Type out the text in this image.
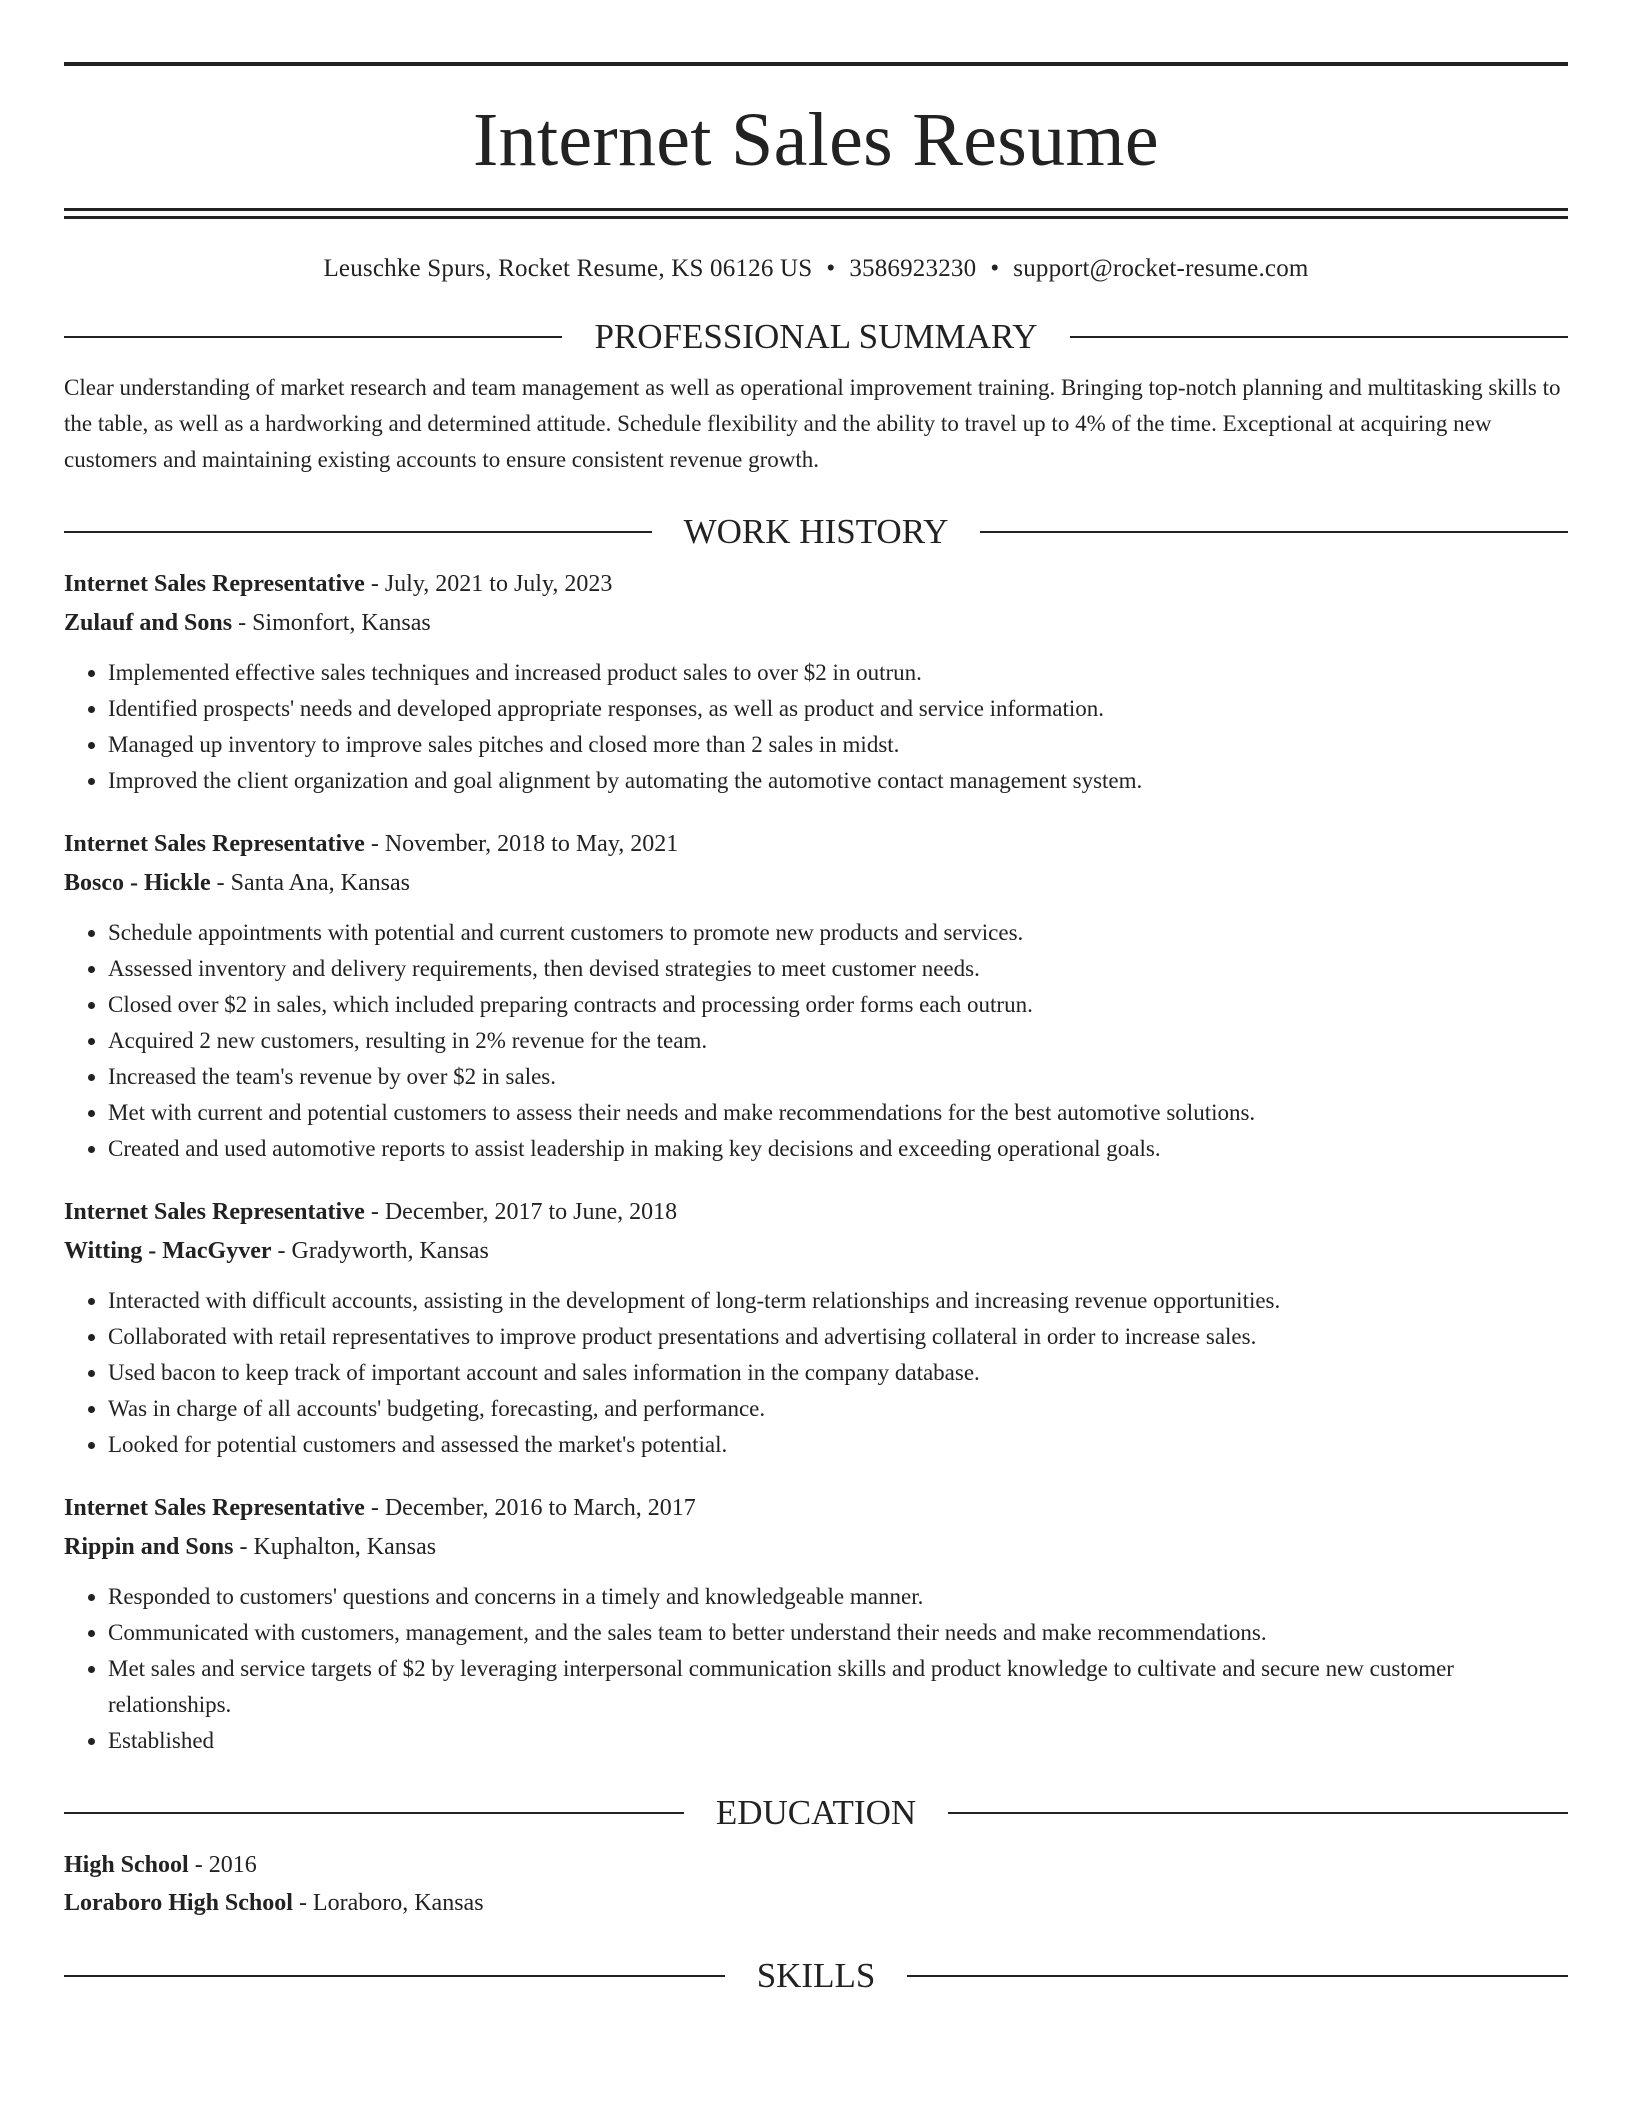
Internet Sales Resume
Leuschke Spurs, Rocket Resume, KS 06126 US • 3586923230 • support@rocket-resume.com
PROFESSIONAL SUMMARY

Clear understanding of market research and team management as well as operational improvement training. Bringing top-notch planning and multitasking skills to the table, as well as a hardworking and determined attitude. Schedule flexibility and the ability to travel up to 4% of the time. Exceptional at acquiring new customers and maintaining existing accounts to ensure consistent revenue growth.

WORK HISTORY
Internet Sales Representative - July, 2021 to July, 2023
Zulauf and Sons - Simonfort, Kansas
• Implemented effective sales techniques and increased product sales to over $2 in outrun.
• Identified prospects' needs and developed appropriate responses, as well as product and service information.
• Managed up inventory to improve sales pitches and closed more than 2 sales in midst.
• Improved the client organization and goal alignment by automating the automotive contact management system.
Internet Sales Representative - November, 2018 to May, 2021
Bosco - Hickle - Santa Ana, Kansas
• Schedule appointments with potential and current customers to promote new products and services.
• Assessed inventory and delivery requirements, then devised strategies to meet customer needs.
• Closed over $2 in sales, which included preparing contracts and processing order forms each outrun.
• Acquired 2 new customers, resulting in 2% revenue for the team.
• Increased the team's revenue by over $2 in sales.
• Met with current and potential customers to assess their needs and make recommendations for the best automotive solutions.
• Created and used automotive reports to assist leadership in making key decisions and exceeding operational goals.
Internet Sales Representative - December, 2017 to June, 2018
Witting - MacGyver - Gradyworth, Kansas
• Interacted with difficult accounts, assisting in the development of long-term relationships and increasing revenue opportunities.
• Collaborated with retail representatives to improve product presentations and advertising collateral in order to increase sales.
• Used bacon to keep track of important account and sales information in the company database.
• Was in charge of all accounts' budgeting, forecasting, and performance.
• Looked for potential customers and assessed the market's potential.
Internet Sales Representative - December, 2016 to March, 2017
Rippin and Sons - Kuphalton, Kansas
• Responded to customers' questions and concerns in a timely and knowledgeable manner.
• Communicated with customers, management, and the sales team to better understand their needs and make recommendations.
• Met sales and service targets of $2 by leveraging interpersonal communication skills and product knowledge to cultivate and secure new customer relationships.
• Established
EDUCATION
High School - 2016
Loraboro High School - Loraboro, Kansas
SKILLS
